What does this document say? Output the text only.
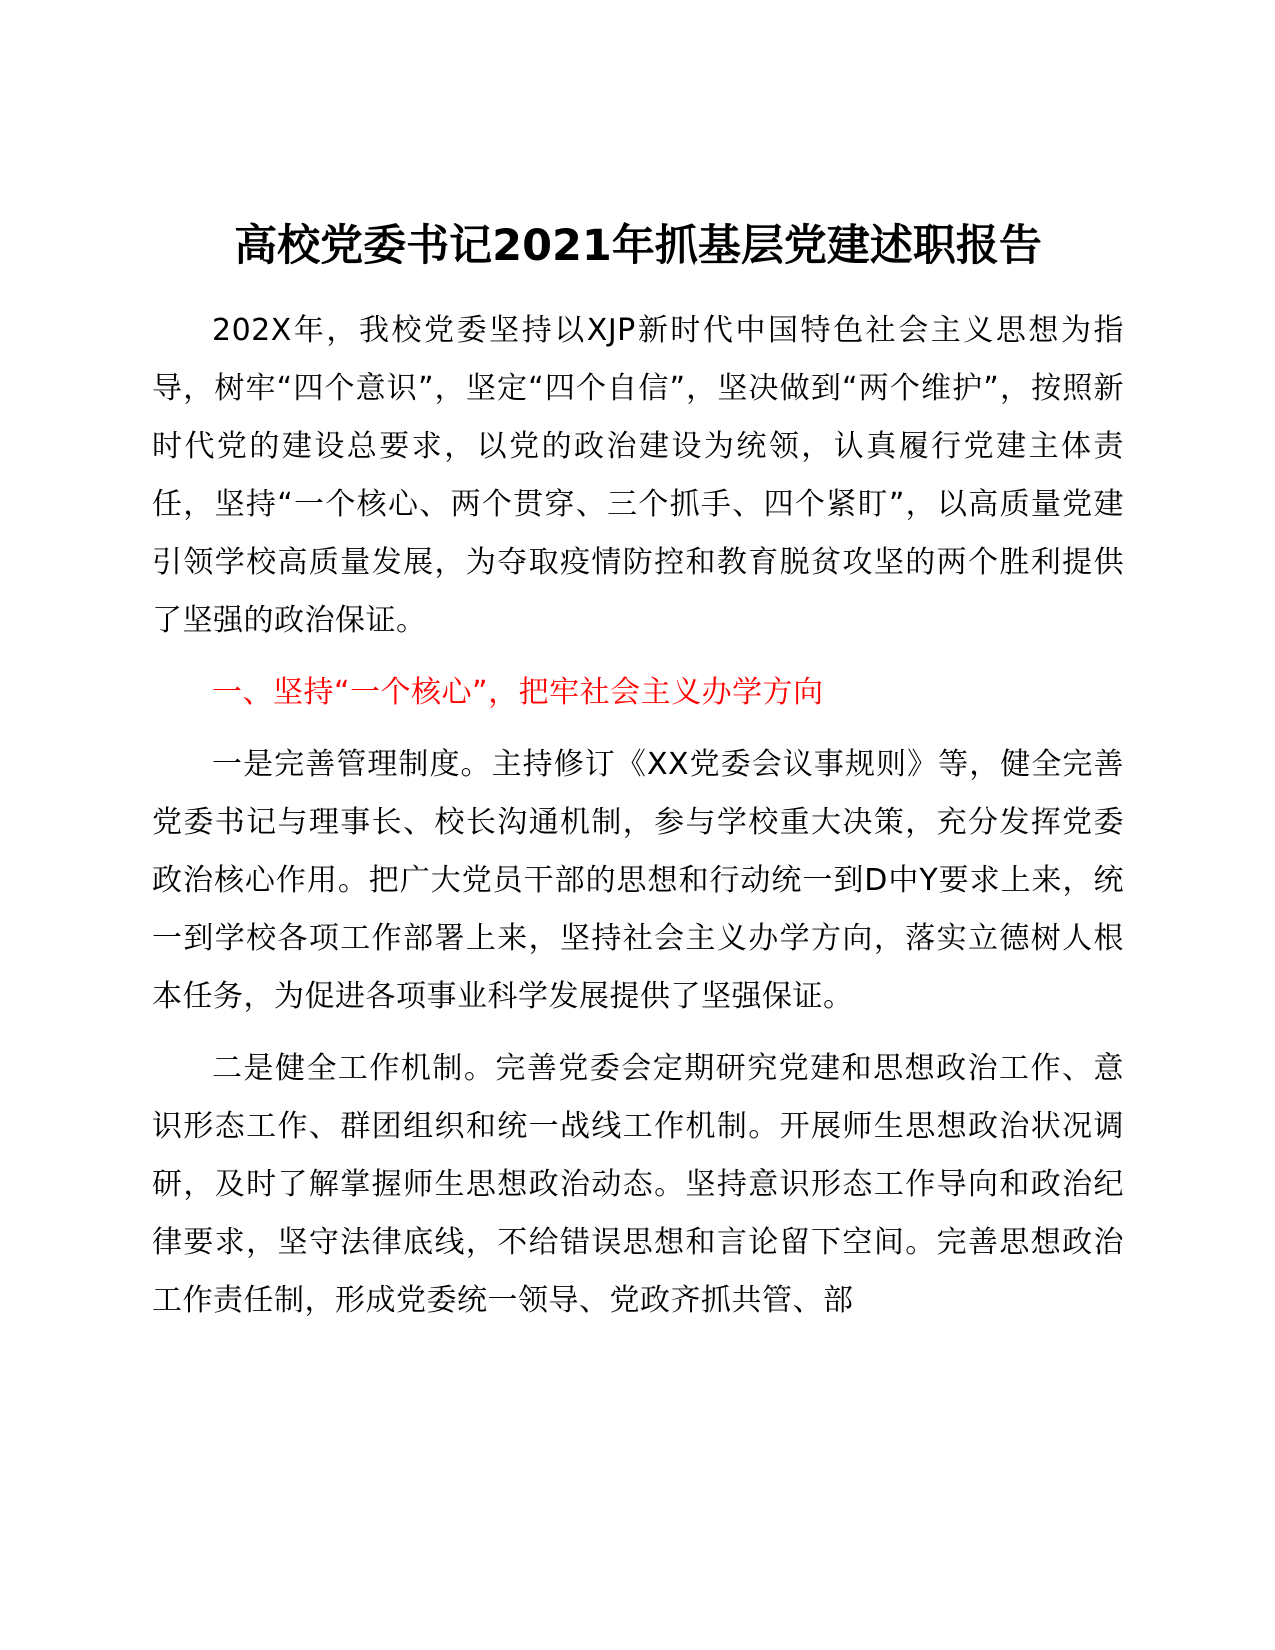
高校党委书记2021年抓基层党建述职报告

202X年，我校党委坚持以XJP新时代中国特色社会主义思想为指导，树牢“四个意识”，坚定“四个自信”，坚决做到“两个维护”，按照新时代党的建设总要求，以党的政治建设为统领，认真履行党建主体责任，坚持“一个核心、两个贯穿、三个抓手、四个紧盯”，以高质量党建引领学校高质量发展，为夺取疫情防控和教育脱贫攻坚的两个胜利提供了坚强的政治保证。

一、坚持“一个核心”，把牢社会主义办学方向

一是完善管理制度。主持修订《XX党委会议事规则》等，健全完善党委书记与理事长、校长沟通机制，参与学校重大决策，充分发挥党委政治核心作用。把广大党员干部的思想和行动统一到D中Y要求上来，统一到学校各项工作部署上来，坚持社会主义办学方向，落实立德树人根本任务，为促进各项事业科学发展提供了坚强保证。

二是健全工作机制。完善党委会定期研究党建和思想政治工作、意识形态工作、群团组织和统一战线工作机制。开展师生思想政治状况调研，及时了解掌握师生思想政治动态。坚持意识形态工作导向和政治纪律要求，坚守法律底线，不给错误思想和言论留下空间。完善思想政治工作责任制，形成党委统一领导、党政齐抓共管、部
